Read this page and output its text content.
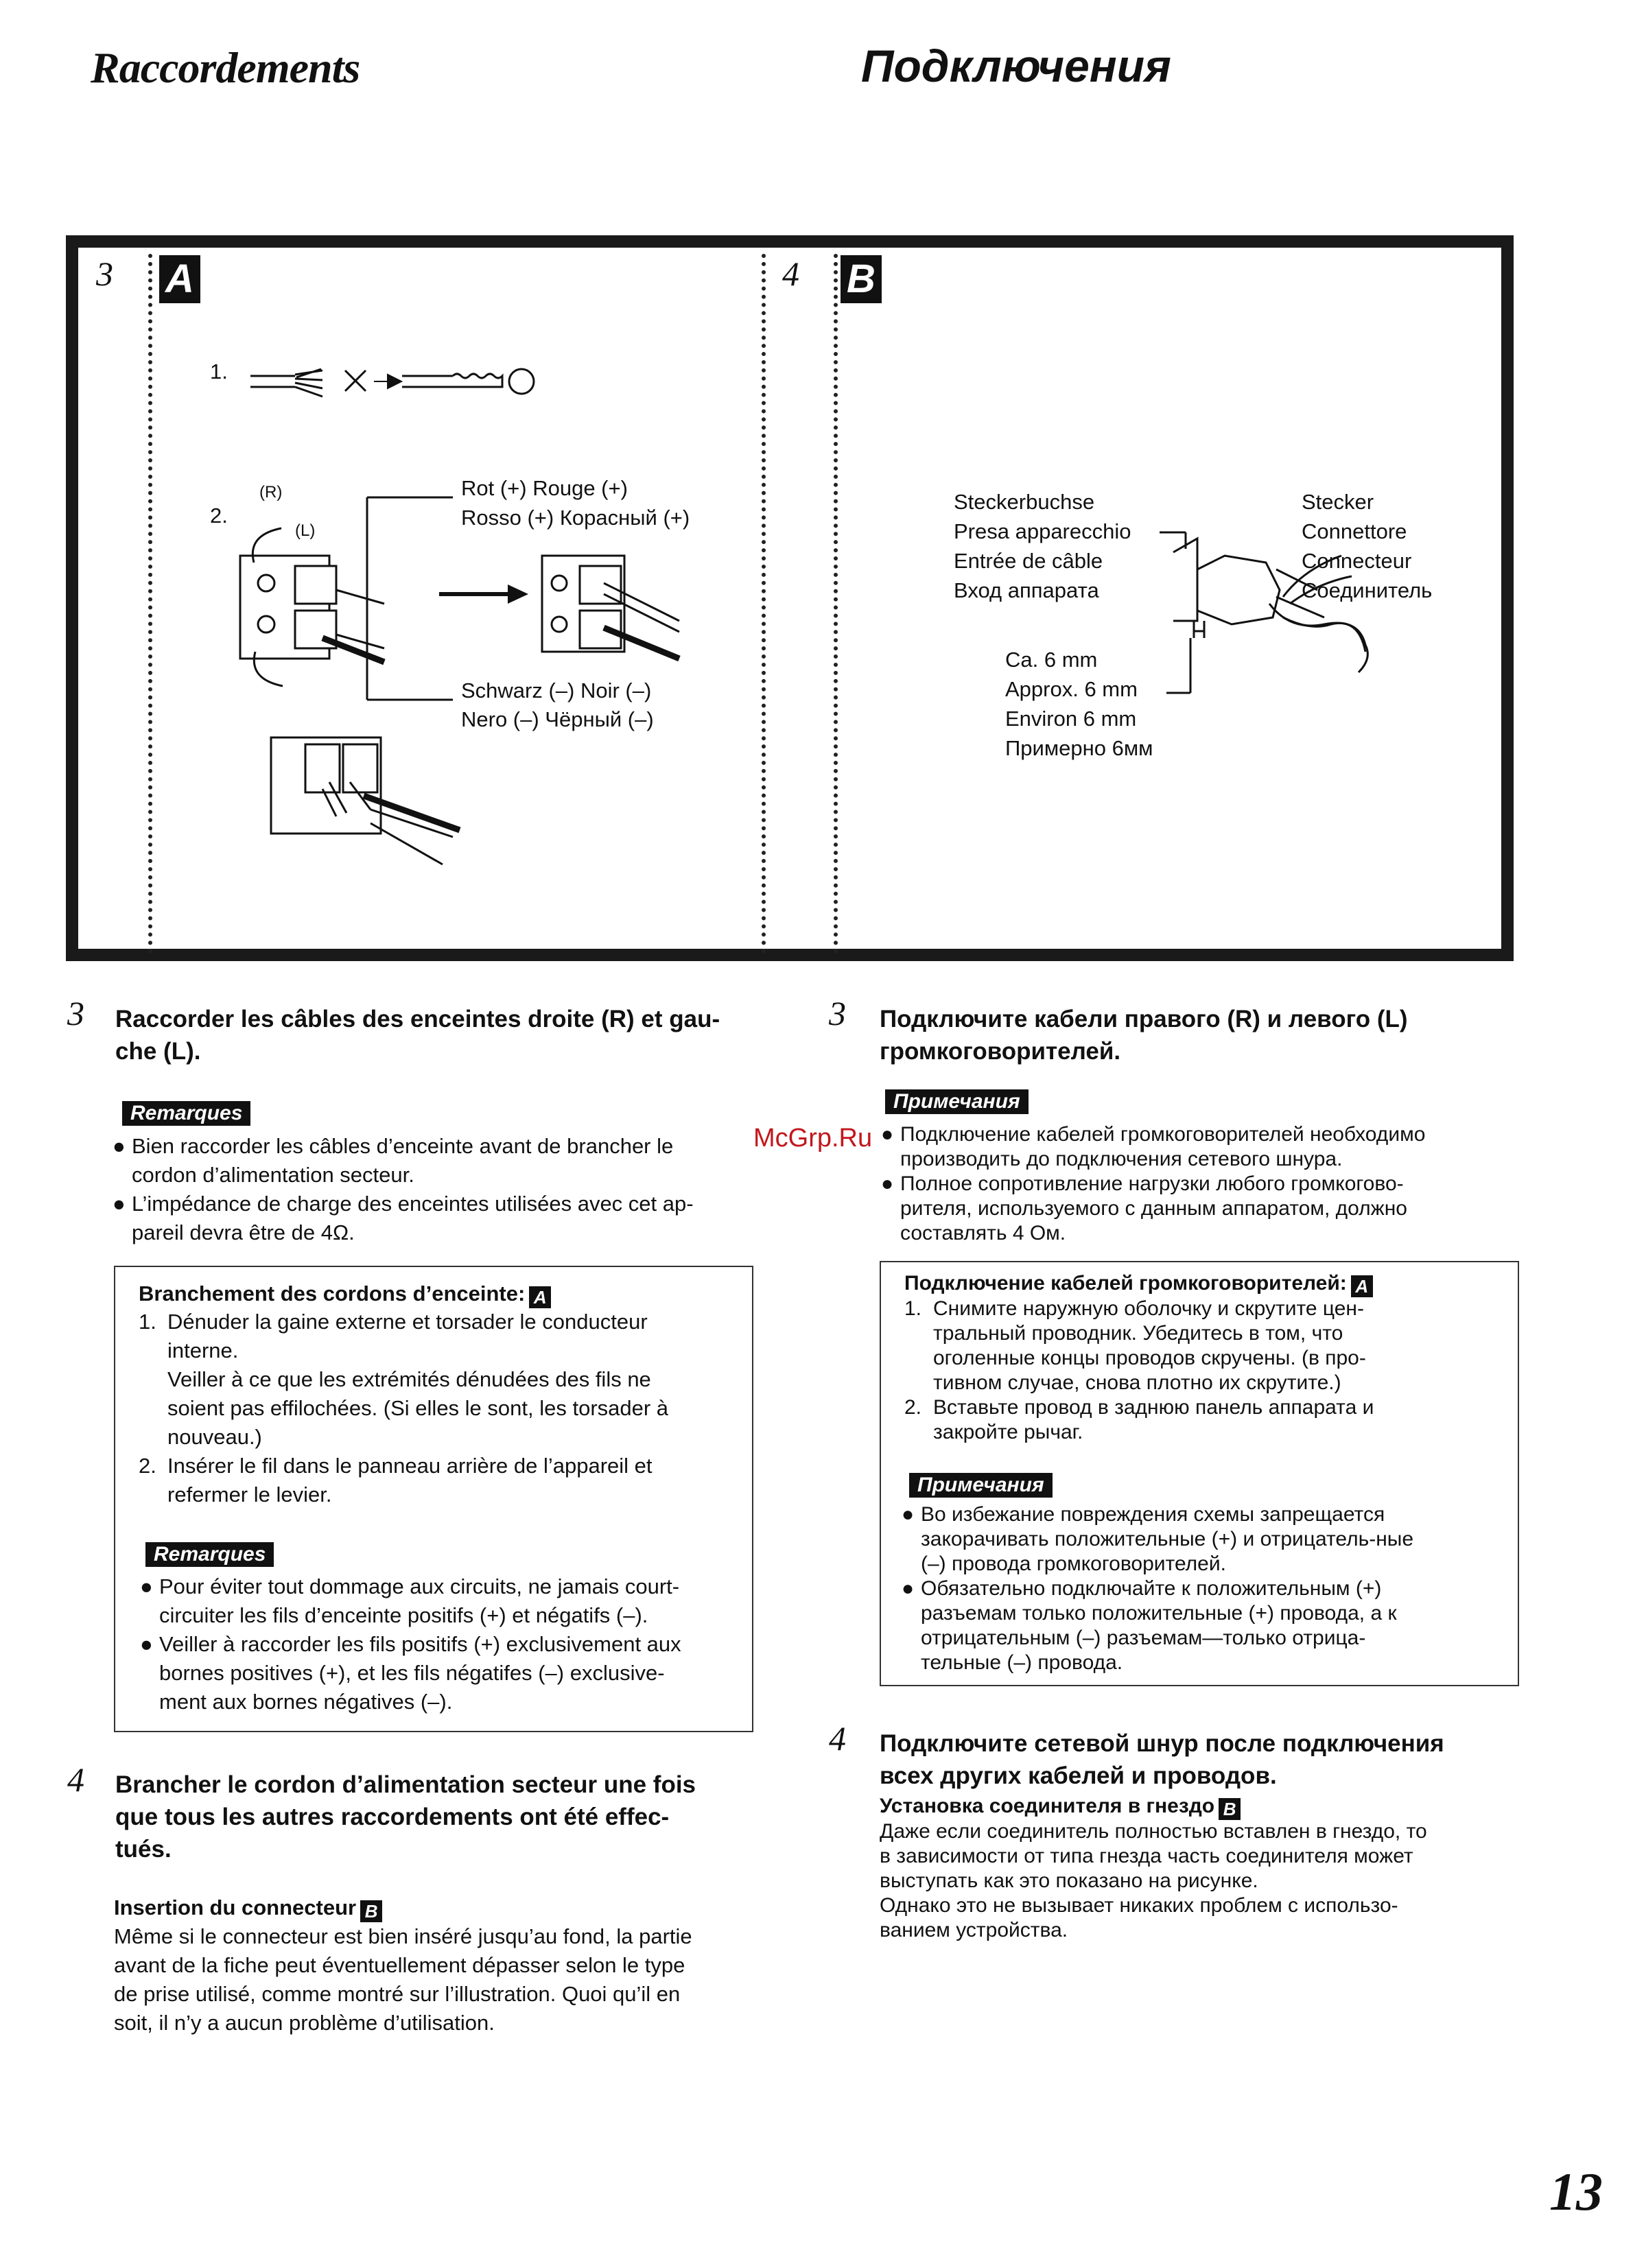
Raccordements	Подключения
3 A
1.
2.
(R)
(L)
Rot (+) Rouge (+)
Rosso (+) Корасный (+)
Schwarz (–) Noir (–)
Nero (–) Чёрный (–)
4 B
Steckerbuchse
Presa apparecchio
Entrée de câble
Вход аппарата
Stecker
Connettore
Connecteur
Соединитель
Ca. 6 mm
Approx. 6 mm
Environ 6 mm
Примерно 6мм
3 Raccorder les câbles des enceintes droite (R) et gau-
che (L).
Remarques
● Bien raccorder les câbles d’enceinte avant de brancher le
cordon d’alimentation secteur.
● L’impédance de charge des enceintes utilisées avec cet ap-
pareil devra être de 4Ω.
Branchement des cordons d’enceinte: A
1. Dénuder la gaine externe et torsader le conducteur
interne.
Veiller à ce que les extrémités dénudées des fils ne
soient pas effilochées. (Si elles le sont, les torsader à
nouveau.)
2. Insérer le fil dans le panneau arrière de l’appareil et
refermer le levier.
Remarques
● Pour éviter tout dommage aux circuits, ne jamais court-
circuiter les fils d’enceinte positifs (+) et négatifs (–).
● Veiller à raccorder les fils positifs (+) exclusivement aux
bornes positives (+), et les fils négatifes (–) exclusive-
ment aux bornes négatives (–).
4 Brancher le cordon d’alimentation secteur une fois
que tous les autres raccordements ont été effec-
tués.
Insertion du connecteur B
Même si le connecteur est bien inséré jusqu’au fond, la partie
avant de la fiche peut éventuellement dépasser selon le type
de prise utilisé, comme montré sur l’illustration. Quoi qu’il en
soit, il n’y a aucun problème d’utilisation.
McGrp.Ru
3 Подключите кабели правого (R) и левого (L)
громкоговорителей.
Примечания
● Подключение кабелей громкоговорителей необходимо
производить до подключения сетевого шнура.
● Полное сопротивление нагрузки любого громкогово-
рителя, используемого с данным аппаратом, должно
составлять 4 Ом.
Подключение кабелей громкоговорителей: A
1. Снимите наружную оболочку и скрутите цен-
тральный проводник. Убедитесь в том, что
оголенные концы проводов скручены. (в про-
тивном случае, снова плотно их скрутите.)
2. Вставьте провод в заднюю панель аппарата и
закройте рычаг.
Примечания
● Во избежание повреждения схемы запрещается
закорачивать положительные (+) и отрицатель-ные
(–) провода громкоговорителей.
● Обязательно подключайте к положительным (+)
разъемам только положительные (+) провода, а к
отрицательным (–) разъемам—только отрица-
тельные (–) провода.
4 Подключите сетевой шнур после подключения
всех других кабелей и проводов.
Установка соединителя в гнездо B
Даже если соединитель полностью вставлен в гнездо, то
в зависимости от типа гнезда часть соединителя может
выступать как это показано на рисунке.
Однако это не вызывает никаких проблем с использо-
ванием устройства.
13
